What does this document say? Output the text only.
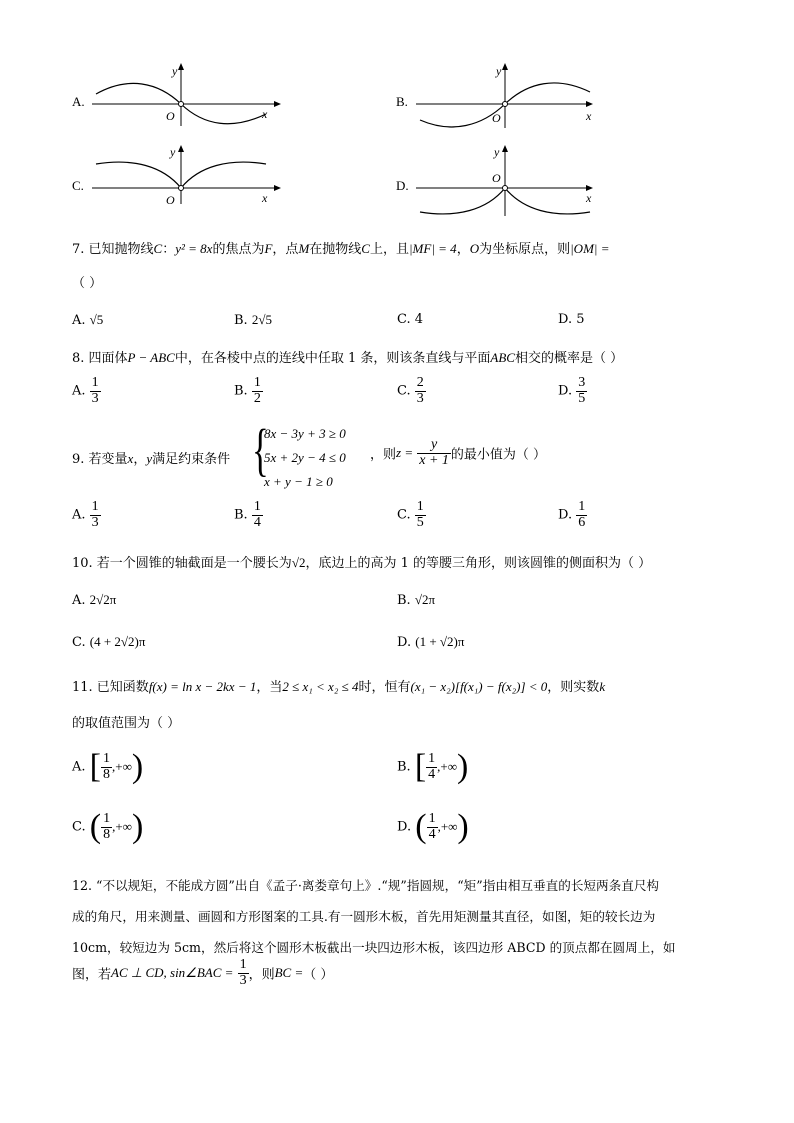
A.
y
x
O
B.
y
x
O
C.
y
x
O
D.
y
x
O
7. 已知抛物线C：y² = 8x的焦点为F，点M在抛物线C上，且|MF| = 4，O为坐标原点，则|OM| =
（ ）
A. √5	B. 2√5	C. 4	D. 5
8. 四面体P − ABC中，在各棱中点的连线中任取 1 条，则该条直线与平面ABC相交的概率是（ ）
A. $\frac{1}{3}$	B. $\frac{1}{2}$	C. $\frac{2}{3}$	D. $\frac{3}{5}$
9. 若变量x，y满足约束条件 {
8x − 3y + 3 ≥ 0
5x + 2y − 4 ≤ 0
x + y − 1 ≥ 0
，则$z = \frac{y}{x + 1}$ 的最小值为（ ）
A. $\frac{1}{3}$	B. $\frac{1}{4}$	C. $\frac{1}{5}$	D. $\frac{1}{6}$
10. 若一个圆锥的轴截面是一个腰长为√2，底边上的高为 1 的等腰三角形，则该圆锥的侧面积为（ ）
A. 2√2π	B. √2π
C. (4 + 2√2)π	D. (1 + √2)π
11. 已知函数f(x) = ln x − 2kx − 1，当2 ≤ x₁ < x₂ ≤ 4时，恒有(x₁ − x₂)[f(x₁) − f(x₂)] < 0，则实数k
的取值范围为（ ）
A. [ $\frac{1}{8}$ ,+∞)	B. [ $\frac{1}{4}$ ,+∞)
C. ( $\frac{1}{8}$ ,+∞)	D. ( $\frac{1}{4}$ ,+∞)
12. “不以规矩，不能成方圆”出自《孟子·离娄章句上》.“规”指圆规，“矩”指由相互垂直的长短两条直尺构
成的角尺，用来测量、画圆和方形图案的工具.有一圆形木板，首先用矩测量其直径，如图，矩的较长边为
10cm，较短边为 5cm，然后将这个圆形木板截出一块四边形木板，该四边形 ABCD 的顶点都在圆周上，如
图，若AC ⊥ CD, sin∠BAC = $\frac{1}{3}$ ，则BC =（ ）
